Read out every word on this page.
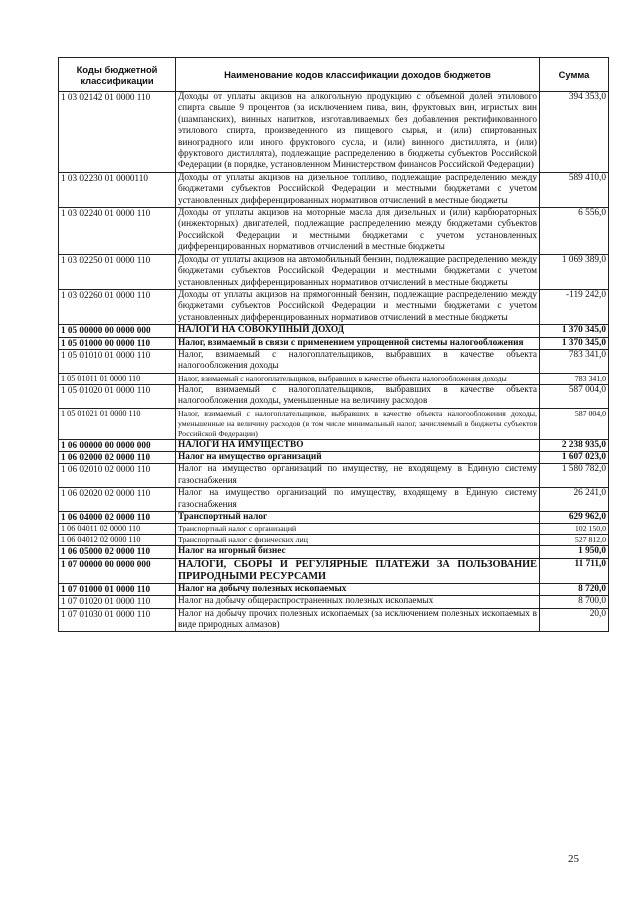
Коды бюджетной классификации	Наименование кодов классификации доходов бюджетов	Сумма
1 03 02142 01 0000 110	Доходы от уплаты акцизов на алкогольную продукцию с объемной долей этилового спирта свыше 9 процентов (за исключением пива, вин, фруктовых вин, игристых вин (шампанских), винных напитков, изготавливаемых без добавления ректификованного этилового спирта, произведенного из пищевого сырья, и (или) спиртованных виноградного или иного фруктового сусла, и (или) винного дистиллята, и (или) фруктового дистиллята), подлежащие распределению в бюджеты субъектов Российской Федерации (в порядке, установленном Министерством финансов Российской Федерации)	394 353,0
1 03 02230 01 0000110	Доходы от уплаты акцизов на дизельное топливо, подлежащие распределению между бюджетами субъектов Российской Федерации и местными бюджетами с учетом установленных дифференцированных нормативов отчислений в местные бюджеты	589 410,0
1 03 02240 01 0000 110	Доходы от уплаты акцизов на моторные масла для дизельных и (или) карбюраторных (инжекторных) двигателей, подлежащие распределению между бюджетами субъектов Российской Федерации и местными бюджетами с учетом установленных дифференцированных нормативов отчислений в местные бюджеты	6 556,0
1 03 02250 01 0000 110	Доходы от уплаты акцизов на автомобильный бензин, подлежащие распределению между бюджетами субъектов Российской Федерации и местными бюджетами с учетом установленных дифференцированных нормативов отчислений в местные бюджеты	1 069 389,0
1 03 02260 01 0000 110	Доходы от уплаты акцизов на прямогонный бензин, подлежащие распределению между бюджетами субъектов Российской Федерации и местными бюджетами с учетом установленных дифференцированных нормативов отчислений в местные бюджеты	-119 242,0
1 05 00000 00 0000 000	НАЛОГИ НА СОВОКУПНЫЙ ДОХОД	1 370 345,0
1 05 01000 00 0000 110	Налог, взимаемый в связи с применением упрощенной системы налогообложения	1 370 345,0
1 05 01010 01 0000 110	Налог, взимаемый с налогоплательщиков, выбравших в качестве объекта налогообложения доходы	783 341,0
1 05 01011 01 0000 110	Налог, взимаемый с налогоплательщиков, выбравших в качестве объекта налогообложения доходы	783 341,0
1 05 01020 01 0000 110	Налог, взимаемый с налогоплательщиков, выбравших в качестве объекта налогообложения доходы, уменьшенные на величину расходов	587 004,0
1 05 01021 01 0000 110	Налог, взимаемый с налогоплательщиков, выбравших в качестве объекта налогообложения доходы, уменьшенные на величину расходов (в том числе минимальный налог, зачисляемый в бюджеты субъектов Российской Федерации)	587 004,0
1 06 00000 00 0000 000	НАЛОГИ НА ИМУЩЕСТВО	2 238 935,0
1 06 02000 02 0000 110	Налог на имущество организаций	1 607 023,0
1 06 02010 02 0000 110	Налог на имущество организаций по имуществу, не входящему в Единую систему газоснабжения	1 580 782,0
1 06 02020 02 0000 110	Налог на имущество организаций по имуществу, входящему в Единую систему газоснабжения	26 241,0
1 06 04000 02 0000 110	Транспортный налог	629 962,0
1 06 04011 02 0000 110	Транспортный налог с организаций	102 150,0
1 06 04012 02 0000 110	Транспортный налог с физических лиц	527 812,0
1 06 05000 02 0000 110	Налог на игорный бизнес	1 950,0
1 07 00000 00 0000 000	НАЛОГИ, СБОРЫ И РЕГУЛЯРНЫЕ ПЛАТЕЖИ ЗА ПОЛЬЗОВАНИЕ ПРИРОДНЫМИ РЕСУРСАМИ	11 711,0
1 07 01000 01 0000 110	Налог на добычу полезных ископаемых	8 720,0
1 07 01020 01 0000 110	Налог на добычу общераспространенных полезных ископаемых	8 700,0
1 07 01030 01 0000 110	Налог на добычу прочих полезных ископаемых (за исключением полезных ископаемых в виде природных алмазов)	20,0
25
